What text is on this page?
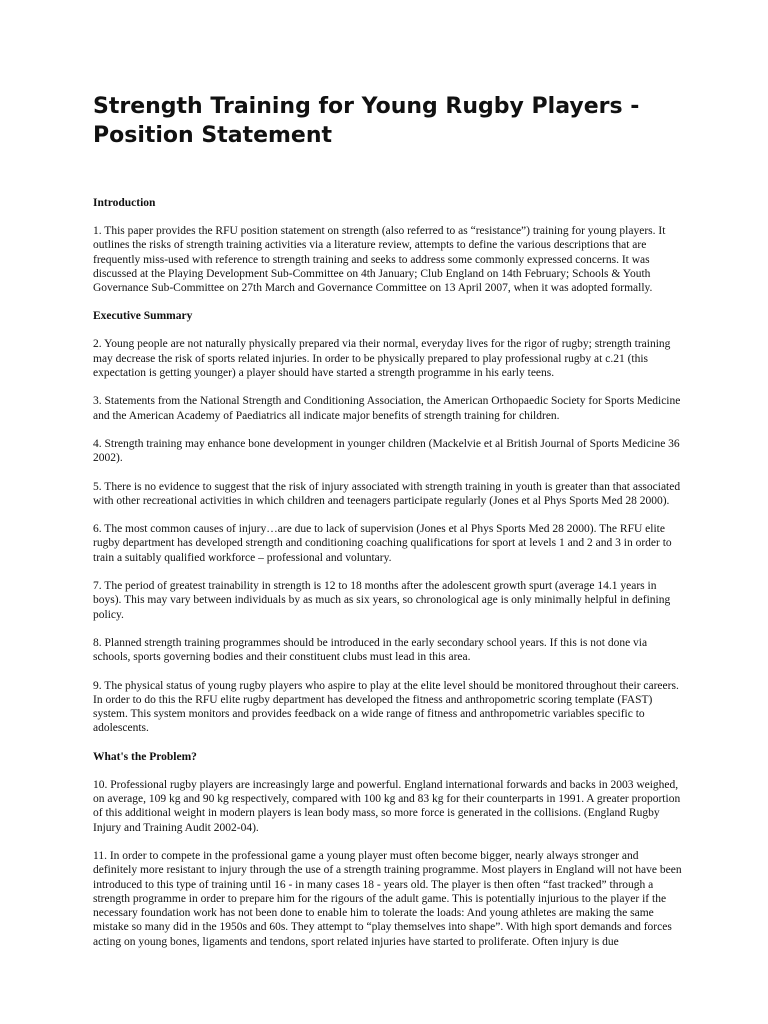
Strength Training for Young Rugby Players - Position Statement
Introduction

1. This paper provides the RFU position statement on strength (also referred to as “resistance”) training for young players. It outlines the risks of strength training activities via a literature review, attempts to define the various descriptions that are frequently miss-used with reference to strength training and seeks to address some commonly expressed concerns. It was discussed at the Playing Development Sub-Committee on 4th January; Club England on 14th February; Schools & Youth Governance Sub-Committee on 27th March and Governance Committee on 13 April 2007, when it was adopted formally.

Executive Summary

2. Young people are not naturally physically prepared via their normal, everyday lives for the rigor of rugby; strength training may decrease the risk of sports related injuries. In order to be physically prepared to play professional rugby at c.21 (this expectation is getting younger) a player should have started a strength programme in his early teens.

3. Statements from the National Strength and Conditioning Association, the American Orthopaedic Society for Sports Medicine and the American Academy of Paediatrics all indicate major benefits of strength training for children.

4. Strength training may enhance bone development in younger children (Mackelvie et al British Journal of Sports Medicine 36 2002).

5. There is no evidence to suggest that the risk of injury associated with strength training in youth is greater than that associated with other recreational activities in which children and teenagers participate regularly (Jones et al Phys Sports Med 28 2000).

6. The most common causes of injury…are due to lack of supervision (Jones et al Phys Sports Med 28 2000). The RFU elite rugby department has developed strength and conditioning coaching qualifications for sport at levels 1 and 2 and 3 in order to train a suitably qualified workforce – professional and voluntary.

7. The period of greatest trainability in strength is 12 to 18 months after the adolescent growth spurt (average 14.1 years in boys). This may vary between individuals by as much as six years, so chronological age is only minimally helpful in defining policy.

8. Planned strength training programmes should be introduced in the early secondary school years. If this is not done via schools, sports governing bodies and their constituent clubs must lead in this area.

9. The physical status of young rugby players who aspire to play at the elite level should be monitored throughout their careers. In order to do this the RFU elite rugby department has developed the fitness and anthropometric scoring template (FAST) system. This system monitors and provides feedback on a wide range of fitness and anthropometric variables specific to adolescents.

What's the Problem?

10. Professional rugby players are increasingly large and powerful. England international forwards and backs in 2003 weighed, on average, 109 kg and 90 kg respectively, compared with 100 kg and 83 kg for their counterparts in 1991. A greater proportion of this additional weight in modern players is lean body mass, so more force is generated in the collisions. (England Rugby Injury and Training Audit 2002-04).

11. In order to compete in the professional game a young player must often become bigger, nearly always stronger and definitely more resistant to injury through the use of a strength training programme. Most players in England will not have been introduced to this type of training until 16 - in many cases 18 - years old. The player is then often “fast tracked” through a strength programme in order to prepare him for the rigours of the adult game. This is potentially injurious to the player if the necessary foundation work has not been done to enable him to tolerate the loads: And young athletes are making the same mistake so many did in the 1950s and 60s. They attempt to “play themselves into shape”. With high sport demands and forces acting on young bones, ligaments and tendons, sport related injuries have started to proliferate. Often injury is due
